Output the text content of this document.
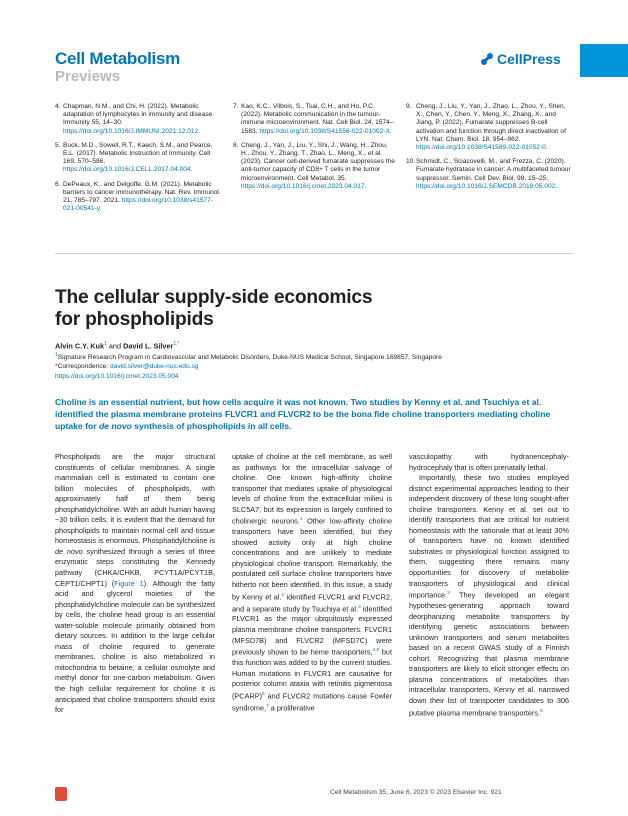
Cell Metabolism
Previews
CellPress
4. Chapman, N.M., and Chi, H. (2022). Metabolic adaptation of lymphocytes in immunity and disease. Immunity 55, 14–30. https://doi.org/10.1016/J.IMMUNI.2021.12.012.
5. Buck, M.D., Sowell, R.T., Kaech, S.M., and Pearce, E.L. (2017). Metabolic Instruction of Immunity. Cell 169, 570–586. https://doi.org/10.1016/J.CELL.2017.04.004.
6. DePeaux, K., and Delgoffe, G.M. (2021). Metabolic barriers to cancer immunotherapy. Nat. Rev. Immunol. 21, 785–797. 2021. https://doi.org/10.1038/s41577-021-00541-y.
7. Kao, K.C., Vilbois, S., Tsai, C.H., and Ho, P.C. (2022). Metabolic communication in the tumour-immune microenvironment. Nat. Cell Biol. 24, 1574–1583. https://doi.org/10.1038/S41556-022-01002-X.
8. Cheng, J., Yan, J., Liu, Y., Shi, J., Wang, H., Zhou, H., Zhou, Y., Zhang, T., Zhao, L., Meng, X., et al. (2023). Cancer cell-derived fumarate suppresses the anti-tumor capacity of CD8+ T cells in the tumor microenvironment. Cell Metabol. 35. https://doi.org/10.1016/j.cmet.2023.04.017.
9. Cheng, J., Liu, Y., Yan, J., Zhao, L., Zhou, Y., Shen, X., Chen, Y., Chen, Y., Meng, X., Zhang, X., and Jiang, P. (2022). Fumarate suppresses B-cell activation and function through direct inactivation of LYN. Nat. Chem. Biol. 18, 954–962. https://doi.org/10.1038/S41589-022-01052-0.
10. Schmidt, C., Sciacovelli, M., and Frezza, C. (2020). Fumarate hydratase in cancer: A multifaceted tumour suppressor. Semin. Cell Dev. Biol. 98, 15–25. https://doi.org/10.1016/J.SEMCDB.2019.05.002.
The cellular supply-side economics
for phospholipids
Alvin C.Y. Kuk$^1$ and David L. Silver$^{1,*}$
$^1$Signature Research Program in Cardiovascular and Metabolic Disorders, Duke-NUS Medical School, Singapore 169857, Singapore
*Correspondence: david.silver@duke-nus.edu.sg
https://doi.org/10.1016/j.cmet.2023.05.004
Choline is an essential nutrient, but how cells acquire it was not known. Two studies by Kenny et al. and Tsuchiya et al. identified the plasma membrane proteins FLVCR1 and FLVCR2 to be the bona fide choline transporters mediating choline uptake for de novo synthesis of phospholipids in all cells.
Phospholipids are the major structural constituents of cellular membranes. A single mammalian cell is estimated to contain one billion molecules of phospholipids, with approximately half of them being phosphatidylcholine. With an adult human having ~30 trillion cells, it is evident that the demand for phospholipids to maintain normal cell and tissue homeostasis is enormous. Phosphatidylcholine is de novo synthesized through a series of three enzymatic steps constituting the Kennedy pathway (CHKA/CHKB, PCYT1A/PCYT1B, CEPT1/CHPT1) (Figure 1). Although the fatty acid and glycerol moieties of the phosphatidylcholine molecule can be synthesized by cells, the choline head group is an essential water-soluble molecule primarily obtained from dietary sources. In addition to the large cellular mass of choline required to generate membranes, choline is also metabolized in mitochondria to betaine, a cellular osmolyte and methyl donor for one-carbon metabolism. Given the high cellular requirement for choline it is anticipated that choline transporters should exist for
uptake of choline at the cell membrane, as well as pathways for the intracellular salvage of choline. One known high-affinity choline transporter that mediates uptake of physiological levels of choline from the extracellular milieu is SLC5A7, but its expression is largely confined to cholinergic neurons.$^1$ Other low-affinity choline transporters have been identified, but they showed activity only at high choline concentrations and are unlikely to mediate physiological choline transport. Remarkably, the postulated cell surface choline transporters have hitherto not been identified. In this issue, a study by Kenny et al.$^2$ identified FLVCR1 and FLVCR2, and a separate study by Tsuchiya et al.$^3$ identified FLVCR1 as the major ubiquitously expressed plasma membrane choline transporters. FLVCR1 (MFSD7B) and FLVCR2 (MFSD7C) were previously shown to be heme transporters,$^{4,5}$ but this function was added to by the current studies. Human mutations in FLVCR1 are causative for posterior column ataxia with retinitis pigmentosa (PCARP)$^6$ and FLVCR2 mutations cause Fowler syndrome,$^7$ a proliferative
vasculopathy with hydranencephaly-hydrocephaly that is often prenatally lethal.
Importantly, these two studies employed distinct experimental approaches leading to their independent discovery of these long sought-after choline transporters. Kenny et al. set out to identify transporters that are critical for nutrient homeostasis with the rationale that at least 30% of transporters have no known identified substrates or physiological function assigned to them, suggesting there remains many opportunities for discovery of metabolite transporters of physiological and clinical importance.$^2$ They developed an elegant hypotheses-generating approach toward deorphanizing metabolite transporters by identifying genetic associations between unknown transporters and serum metabolites based on a recent GWAS study of a Finnish cohort. Recognizing that plasma membrane transporters are likely to elicit stronger effects on plasma concentrations of metabolites than intracellular transporters, Kenny et al. narrowed down their list of transporter candidates to 306 putative plasma membrane transporters.$^8$
Cell Metabolism 35, June 6, 2023 © 2023 Elsevier Inc. 921
